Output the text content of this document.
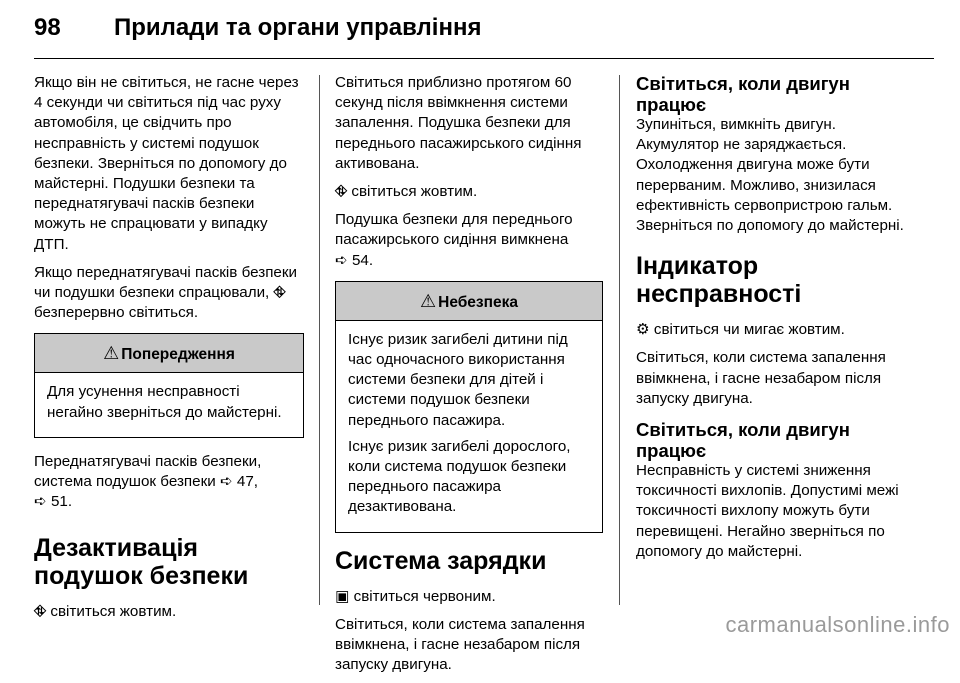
98	Прилади та органи управління

Якщо він не світиться, не гасне через 4 секунди чи світиться під час руху автомобіля, це свідчить про несправність у системі подушок безпеки. Зверніться по допомогу до майстерні. Подушки безпеки та переднатягувачі пасків безпеки можуть не спрацювати у випадку ДТП.

Якщо переднатягувачі пасків безпеки чи подушки безпеки спрацювали, ⛗ безперервно світиться.

⚠ Попередження

Для усунення несправності негайно зверніться до майстерні.

Переднатягувачі пасків безпеки, система подушок безпеки ➪ 47,
➪ 51.

Дезактивація подушок безпеки

⛗ світиться жовтим.

Світиться приблизно протягом 60 секунд після ввімкнення системи запалення. Подушка безпеки для переднього пасажирського сидіння активована.

⛗ світиться жовтим.

Подушка безпеки для переднього пасажирського сидіння вимкнена
➪ 54.

⚠ Небезпека

Існує ризик загибелі дитини під час одночасного використання системи безпеки для дітей і системи подушок безпеки переднього пасажира.

Існує ризик загибелі дорослого, коли система подушок безпеки переднього пасажира дезактивована.

Система зарядки

▣ світиться червоним.

Світиться, коли система запалення ввімкнена, і гасне незабаром після запуску двигуна.

Світиться, коли двигун працює

Зупиніться, вимкніть двигун. Акумулятор не заряджається. Охолодження двигуна може бути перерваним. Можливо, знизилася ефективність сервопристрою гальм. Зверніться по допомогу до майстерні.

Індикатор несправності

⚙ світиться чи мигає жовтим.

Світиться, коли система запалення ввімкнена, і гасне незабаром після запуску двигуна.

Світиться, коли двигун працює

Несправність у системі зниження токсичності вихлопів. Допустимі межі токсичності вихлопу можуть бути перевищені. Негайно зверніться по допомогу до майстерні.

carmanualsonline.info
